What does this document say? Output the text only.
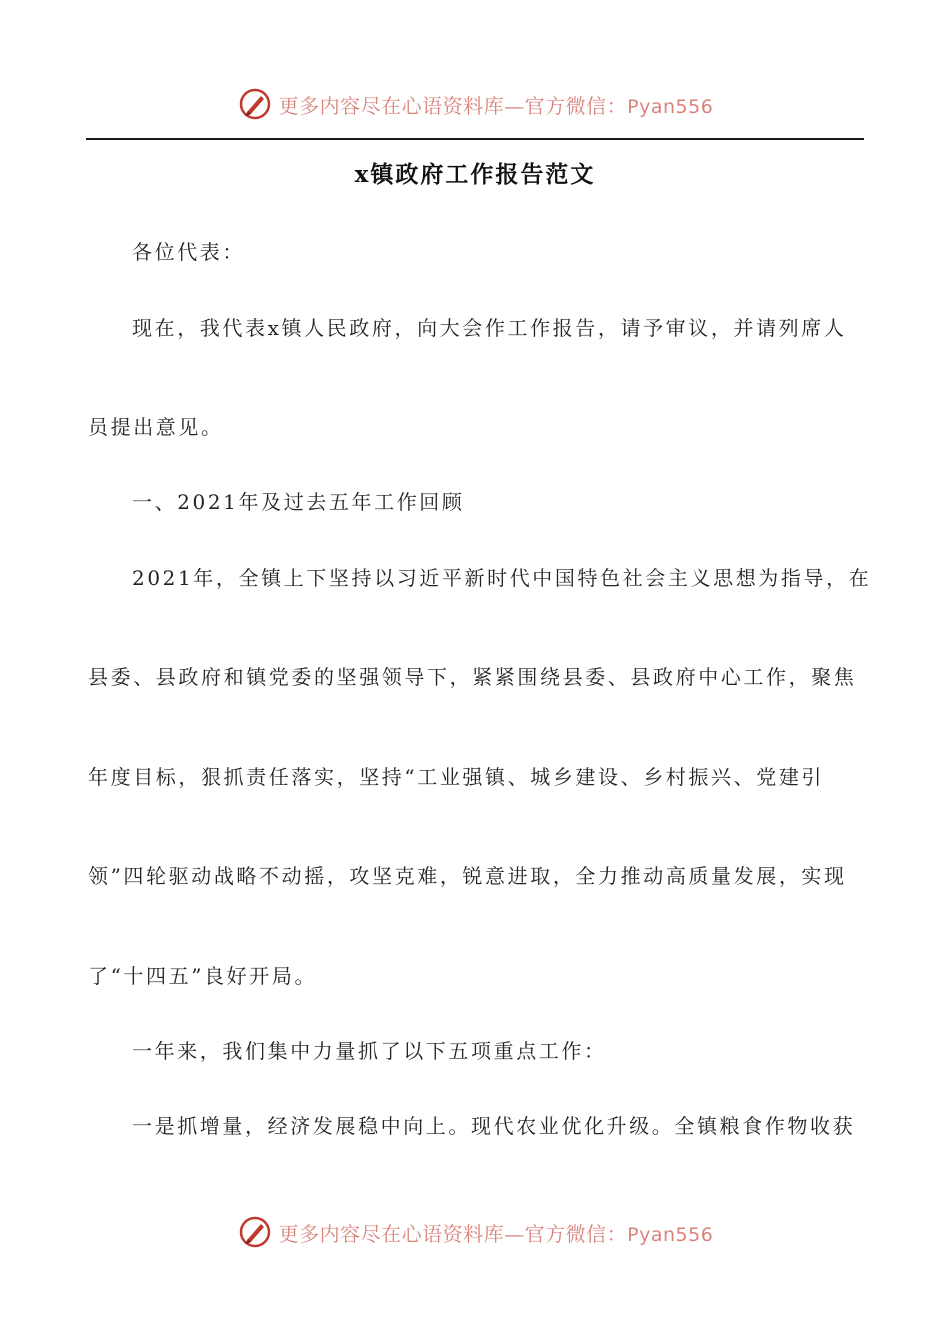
更多内容尽在心语资料库—官方微信：Pyan556
x镇政府工作报告范文
各位代表：
现在，我代表x镇人民政府，向大会作工作报告，请予审议，并请列席人
员提出意见。
一、2021年及过去五年工作回顾
2021年，全镇上下坚持以习近平新时代中国特色社会主义思想为指导，在
县委、县政府和镇党委的坚强领导下，紧紧围绕县委、县政府中心工作，聚焦
年度目标，狠抓责任落实，坚持“工业强镇、城乡建设、乡村振兴、党建引
领”四轮驱动战略不动摇，攻坚克难，锐意进取，全力推动高质量发展，实现
了“十四五”良好开局。
一年来，我们集中力量抓了以下五项重点工作：
一是抓增量，经济发展稳中向上。现代农业优化升级。全镇粮食作物收获
更多内容尽在心语资料库—官方微信：Pyan556
